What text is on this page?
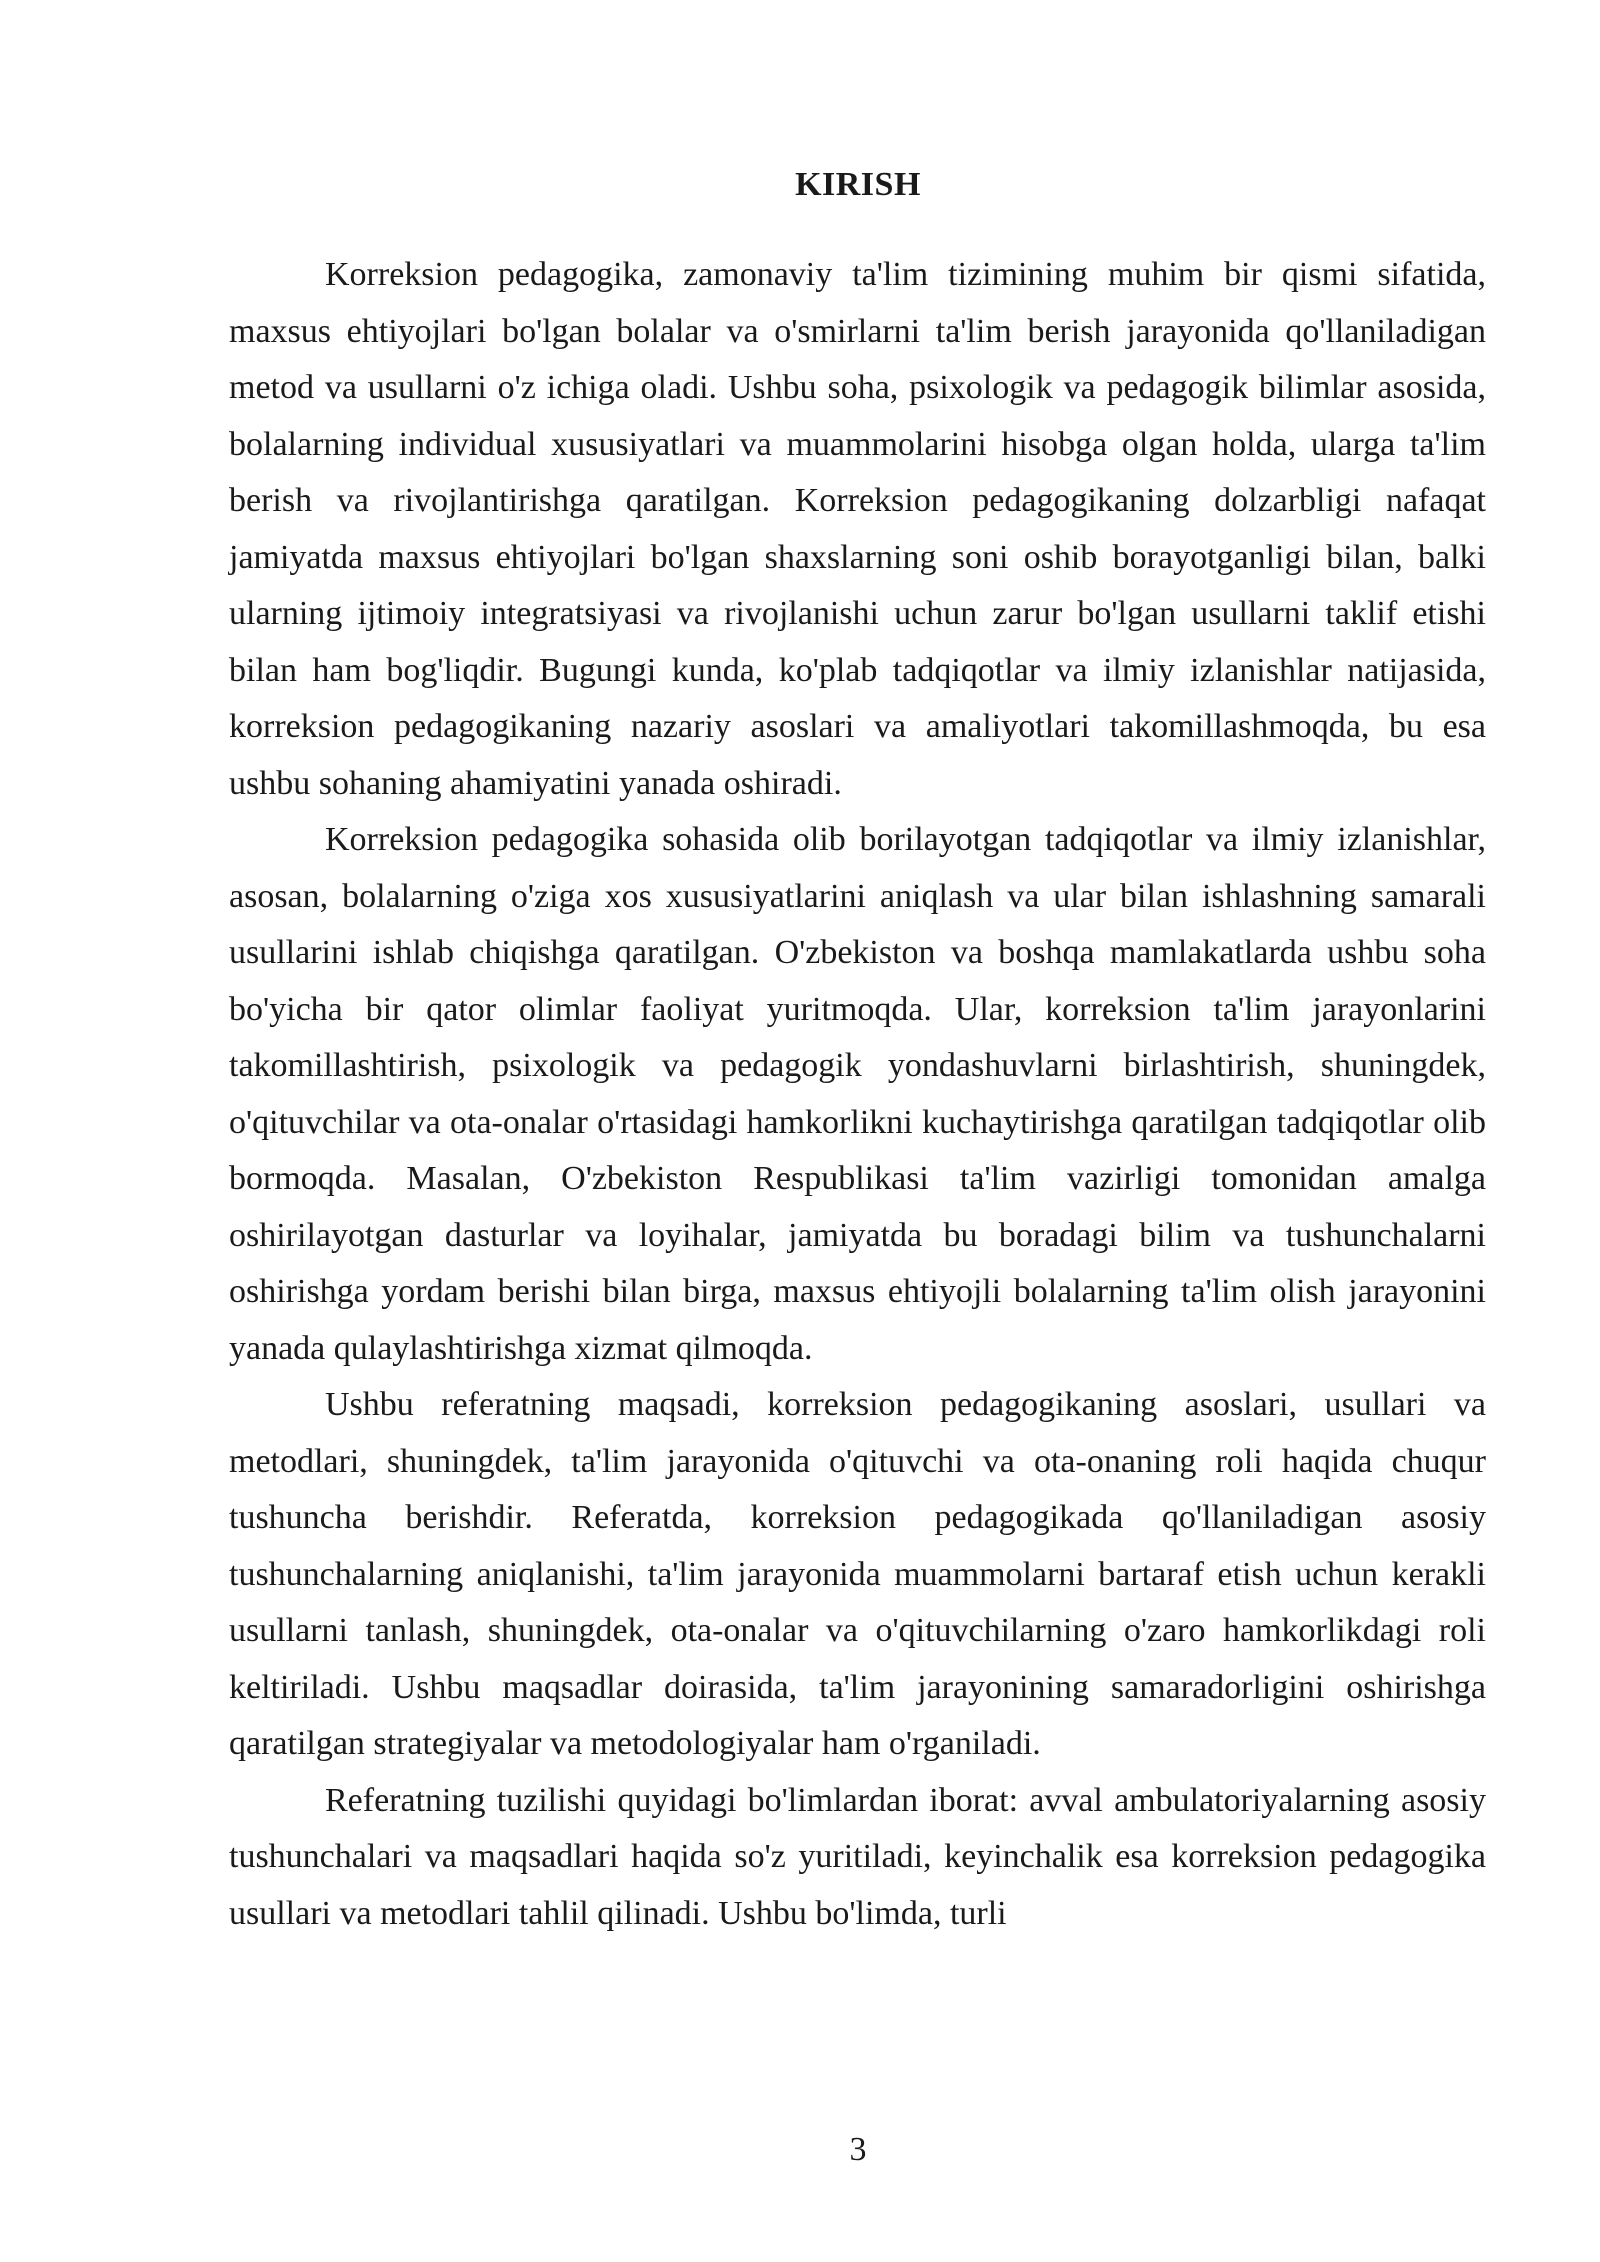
KIRISH

Korreksion pedagogika, zamonaviy ta'lim tizimining muhim bir qismi sifatida, maxsus ehtiyojlari bo'lgan bolalar va o'smirlarni ta'lim berish jarayonida qo'llaniladigan metod va usullarni o'z ichiga oladi. Ushbu soha, psixologik va pedagogik bilimlar asosida, bolalarning individual xususiyatlari va muammolarini hisobga olgan holda, ularga ta'lim berish va rivojlantirishga qaratilgan. Korreksion pedagogikaning dolzarbligi nafaqat jamiyatda maxsus ehtiyojlari bo'lgan shaxslarning soni oshib borayotganligi bilan, balki ularning ijtimoiy integratsiyasi va rivojlanishi uchun zarur bo'lgan usullarni taklif etishi bilan ham bog'liqdir. Bugungi kunda, ko'plab tadqiqotlar va ilmiy izlanishlar natijasida, korreksion pedagogikaning nazariy asoslari va amaliyotlari takomillashmoqda, bu esa ushbu sohaning ahamiyatini yanada oshiradi.

Korreksion pedagogika sohasida olib borilayotgan tadqiqotlar va ilmiy izlanishlar, asosan, bolalarning o'ziga xos xususiyatlarini aniqlash va ular bilan ishlashning samarali usullarini ishlab chiqishga qaratilgan. O'zbekiston va boshqa mamlakatlarda ushbu soha bo'yicha bir qator olimlar faoliyat yuritmoqda. Ular, korreksion ta'lim jarayonlarini takomillashtirish, psixologik va pedagogik yondashuvlarni birlashtirish, shuningdek, o'qituvchilar va ota-onalar o'rtasidagi hamkorlikni kuchaytirishga qaratilgan tadqiqotlar olib bormoqda. Masalan, O'zbekiston Respublikasi ta'lim vazirligi tomonidan amalga oshirilayotgan dasturlar va loyihalar, jamiyatda bu boradagi bilim va tushunchalarni oshirishga yordam berishi bilan birga, maxsus ehtiyojli bolalarning ta'lim olish jarayonini yanada qulaylashtirishga xizmat qilmoqda.

Ushbu referatning maqsadi, korreksion pedagogikaning asoslari, usullari va metodlari, shuningdek, ta'lim jarayonida o'qituvchi va ota-onaning roli haqida chuqur tushuncha berishdir. Referatda, korreksion pedagogikada qo'llaniladigan asosiy tushunchalarning aniqlanishi, ta'lim jarayonida muammolarni bartaraf etish uchun kerakli usullarni tanlash, shuningdek, ota-onalar va o'qituvchilarning o'zaro hamkorlikdagi roli keltiriladi. Ushbu maqsadlar doirasida, ta'lim jarayonining samaradorligini oshirishga qaratilgan strategiyalar va metodologiyalar ham o'rganiladi.

Referatning tuzilishi quyidagi bo'limlardan iborat: avval ambulatoriyalarning asosiy tushunchalari va maqsadlari haqida so'z yuritiladi, keyinchalik esa korreksion pedagogika usullari va metodlari tahlil qilinadi. Ushbu bo'limda, turli

3
